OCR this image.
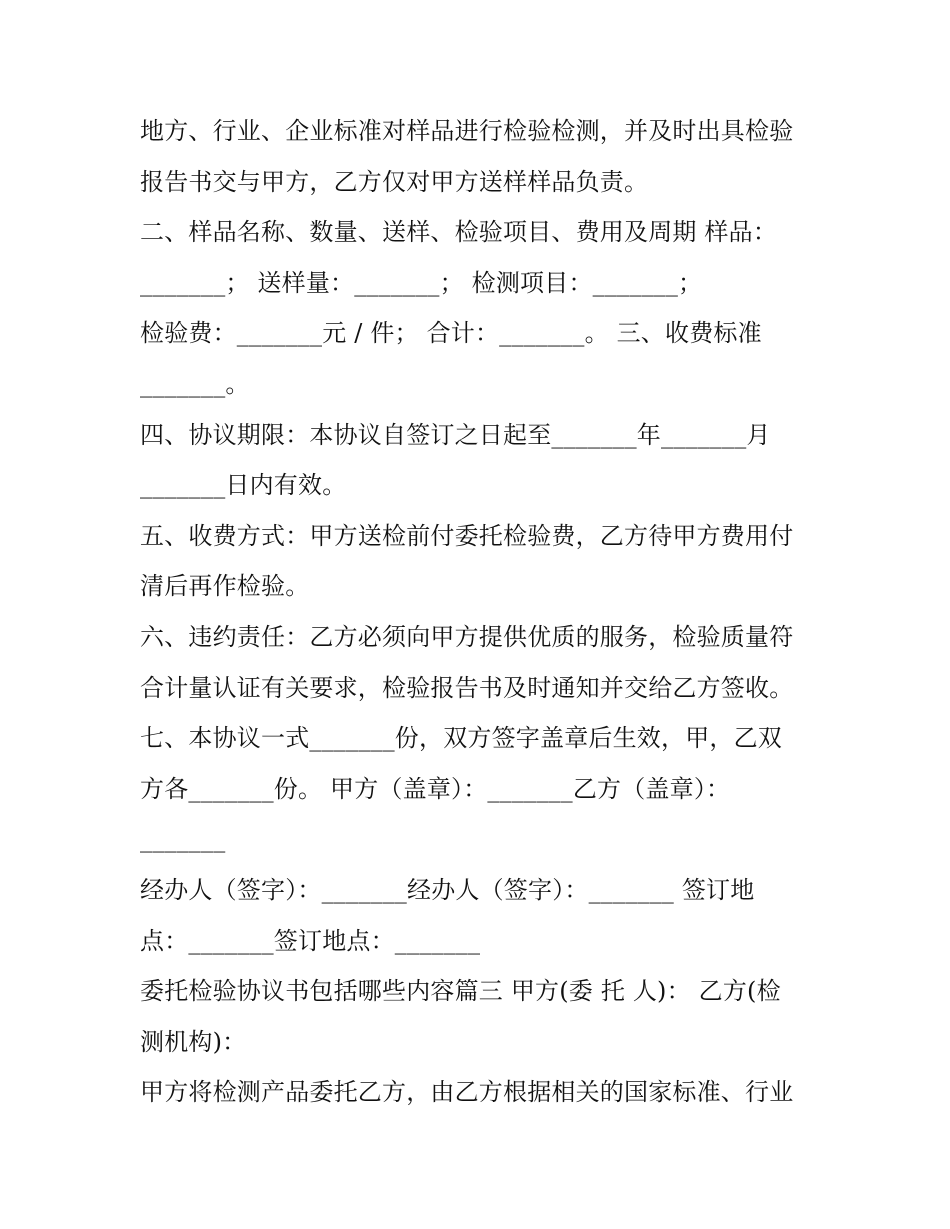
地方、行业、企业标准对样品进行检验检测，并及时出具检验
报告书交与甲方，乙方仅对甲方送样样品负责。
二、样品名称、数量、送样、检验项目、费用及周期 样品：
_______； 送样量：_______； 检测项目：_______；
检验费：_______元 / 件； 合计：_______。 三、收费标准
_______。
四、协议期限：本协议自签订之日起至_______年_______月
_______日内有效。
五、收费方式：甲方送检前付委托检验费，乙方待甲方费用付
清后再作检验。
六、违约责任：乙方必须向甲方提供优质的服务，检验质量符
合计量认证有关要求，检验报告书及时通知并交给乙方签收。
七、本协议一式_______份，双方签字盖章后生效，甲，乙双
方各_______份。 甲方（盖章）：_______乙方（盖章）：
_______
经办人（签字）：_______经办人（签字）：_______ 签订地
点：_______签订地点：_______
委托检验协议书包括哪些内容篇三 甲方(委 托 人)： 乙方(检
测机构)：
甲方将检测产品委托乙方，由乙方根据相关的国家标准、行业
